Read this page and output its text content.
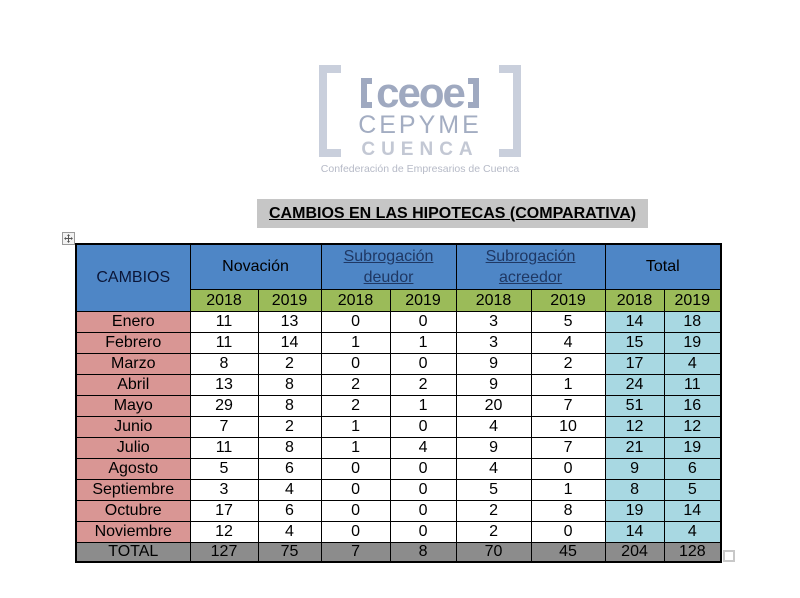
ceoe
CEPYME
CUENCA
Confederación de Empresarios de Cuenca
CAMBIOS EN LAS HIPOTECAS (COMPARATIVA)
CAMBIOS	Novación		Subrogación deudor		Subrogación acreedor		Total	
	2018	2019	2018	2019	2018	2019	2018	2019
Enero	11	13	0	0	3	5	14	18
Febrero	11	14	1	1	3	4	15	19
Marzo	8	2	0	0	9	2	17	4
Abril	13	8	2	2	9	1	24	11
Mayo	29	8	2	1	20	7	51	16
Junio	7	2	1	0	4	10	12	12
Julio	11	8	1	4	9	7	21	19
Agosto	5	6	0	0	4	0	9	6
Septiembre	3	4	0	0	5	1	8	5
Octubre	17	6	0	0	2	8	19	14
Noviembre	12	4	0	0	2	0	14	4
TOTAL	127	75	7	8	70	45	204	128
